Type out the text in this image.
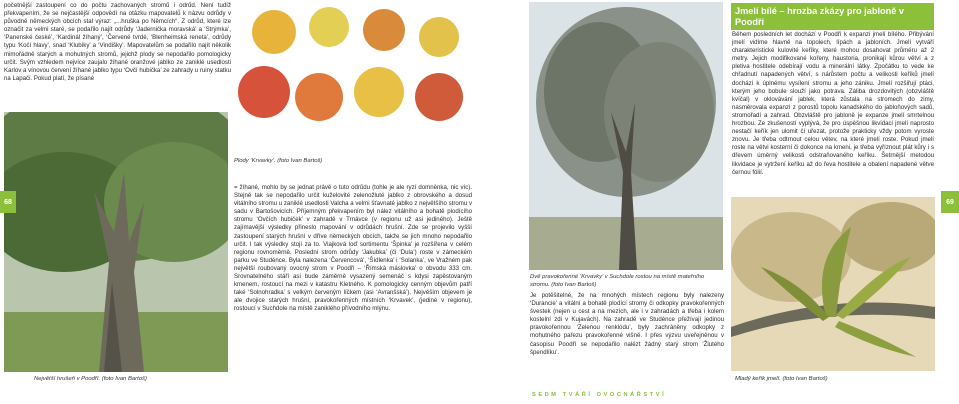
početnější zastoupení co do počtu zachovaných stromů i odrůd. Není tudíž překvapením, že se nejčastější odpovědí na otázku mapovatelů k názvu odrůdy v původně německých obcích stal výraz: „...hruška po Němcích“. Z odrůd, které lze označit za velmi staré, se podařilo najít odrůdy ‘Jadernička moravská’ a ‘Strýmka’, ‘Panenské české’, ‘Kardinál žíhaný’, ‘Červené tvrdé, ‘Blenheimská reneta’, odrůdy typu ‘Kočí hlavy’, snad ‘Klubíky’ a ‘Vindišky’. Mapovatelům se podařilo najít několik mimořádně starých a mohutných stromů, jejichž plody se nepodařilo pomologicky určit. Svým vzhledem nejvíce zaujalo žíhané oranžové jablko ze zaniklé usedlosti Karlov a vínovou červení žíhané jablko typu ‘Ovčí hubička’ ze zahrady u ruiny statku na Lapači. Pokud platí, že písané
Největší hrušeň v Poodří. (foto Ivan Bartoš)
Plody ‘Krvavky’. (foto Ivan Bartoš)
= žíhané, mohlo by se jednat právě o tuto odrůdu (tohle je ale ryzí domněnka, nic víc). Stejně tak se nepodařilo určit kuželovité zelenožluté jablko z obrovského a dosud vitálního stromu u zaniklé usedlosti Valcha a velmi šťavnaté jablko z největšího stromu v sadu v Bartošovicích. Příjemným překvapením byl nález vitálního a bohatě plodícího stromu ‘Ovčích hubiček’ v zahradě v Trnávce (v regionu už asi jediného). Ještě zajímavější výsledky přineslo mapování v odrůdách hrušní. Zde se projevilo vyšší zastoupení starých hrušní v dříve německých obcích, takže se jich mnoho nepodařilo určit. I tak výsledky stojí za to. Viajková loď sortimentu ‘Špinka’ je rozšířena v celém regionu rovnoměrně. Poslední strom odrůdy ‘Jakubka’ (či ‘Dula’) roste v zámeckém parku ve Studénce. Byla nalezena ‘Červencová’, ‘Šídlenka’ i ‘Solanka’, ve Vražném pak největší roubovaný ovocný strom v Poodří – ‘Římská máslovka’ o obvodu 333 cm. Srovnatelného stáří asi bude záměrně vysazený semenáč s kdysi zapěstovaným kmenem, rostoucí na mezi v katastru Kletného. K pomologicky cenným objevům patří také ‘Solnohradka’ s velkým červeným líčkem (asi ‘Avranšská’). Nejvěším objevem je ale dvojice starých hrušní, pravokořenných místních ‘Krvavek’, (jediné v regionu), rostoucí v Suchdole na místě zaniklého přívodního mlýnu.
68
Dvě pravokořenné ‘Krvavky’ v Suchdole rostou na místě mateřního stromu. (foto Ivan Bartoš)
Je potěšitelné, že na mnohých místech regionu byly nalezeny ‘Durancie’ a vitální a bohatě plodící stromy či odkopky pravokořenných švestek (nejen u cest a na mezích, ale i v zahradách a třeba i kolem kostelní zdi v Kujavách). Na zahradě ve Studénce přežívají jedinou pravokořennou ‘Zelenou renklódu’, byly zachráněny odkopky z mohutného pařezu pravokořenné višně. I přes výzvu uveřejněnou v časopisu Poodří se nepodařilo nalézt žádný starý strom ‘Žlutého špendlíku’.
Jmelí bílé – hrozba zkázy pro jabloně v Poodří
Během posledních let dochází v Poodří k expanzi jmelí bílého. Přibývání jmelí vidíme hlavně na topolech, lípách a jabloních. Jmelí vytváří charakteristické kulovité keříky, které mohou dosahovat průměru až 2 metry. Jejich modifikované kořeny, haustoria, pronikají kůrou větví a z pletiva hostitele odebírají vodu a minerální látky. Zpočátku to vede ke chřadnutí napadených větví, s nárůstem počtu a velikosti keříků jmelí dochází k úplnému vysílení stromu a jeho zániku. Jmelí rozšiřují ptáci, kterým jeho bobule slouží jako potrava. Záliba drozdovitých (obzvláště kvíčal) v oklovávání jablek, která zůstala na stromech do zimy, nasměrovala expanzi z porostů topolu kanadského do jabloňových sadů, stromořadí a zahrad. Obzvláště pro jabloně je expanze jmelí smrtelnou hrozbou. Ze zkušeností vyplývá, že pro úspěšnou likvidaci jmelí naprosto nestačí keřík jen ulomit či uřezat, protože prakticky vždy potom vyroste znovu. Je třeba odtrnout celou větev, na které jmelí roste. Pokud jmelí roste na větvi kosterní či dokonce na kmeni, je třeba vyříznout plát kůry i s dřevem úměrný velikosti odstraňovaného keříku. Šetrnější metodou likvidace je vytržení keříku až do řeva hostitele a obalení napadené větve černou fólií.
Mladý keřík jmelí. (foto Ivan Bartoš)
69
SEDM TVÁŘÍ OVOCNÁŘSTVÍ
